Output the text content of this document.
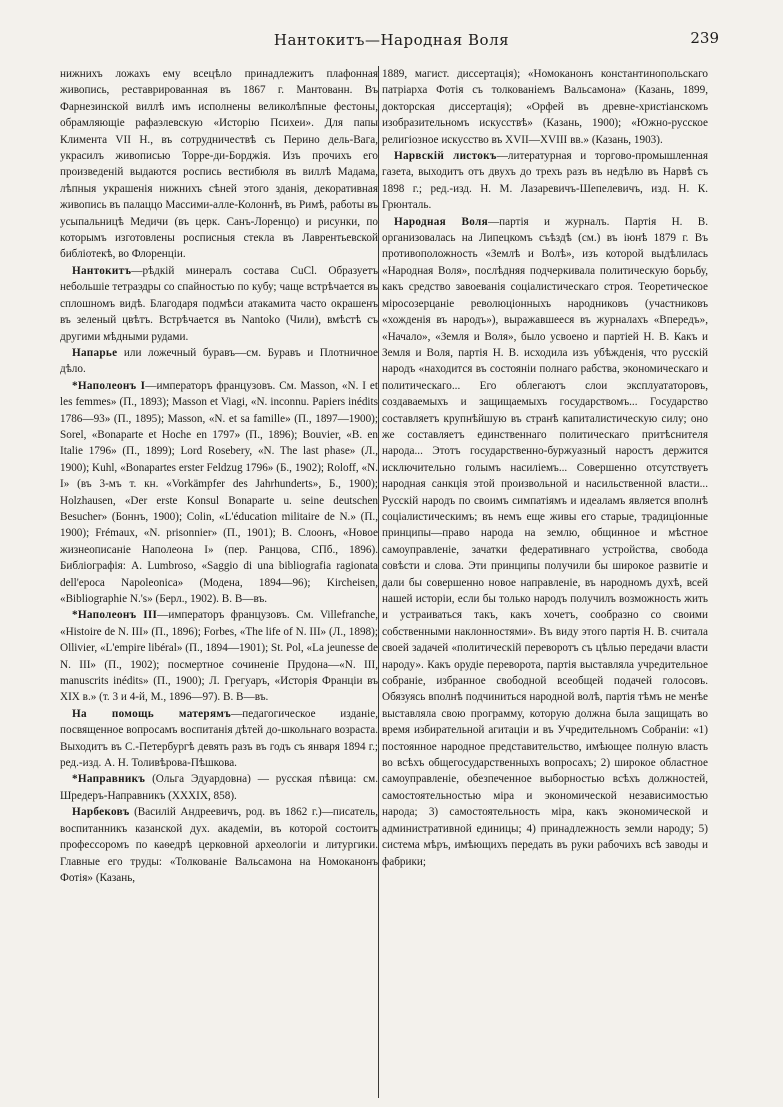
Нантокитъ—Народная Воля	239

нижнихъ ложахъ ему всецѣло принадлежитъ плафонная живопись, реставрированная въ 1867 г. Мантованн. Въ Фарнезинской виллѣ имъ исполнены великолѣпные фестоны, обрамляющіе рафаэлевскую «Исторію Психеи». Для папы Климента VII Н., въ сотрудничествѣ съ Перино дель-Вага, украсилъ живописью Торре-ди-Борджія. Изъ прочихъ его произведеній выдаются роспись вестибюля въ виллѣ Мадама, лѣпныя украшенія нижнихъ сѣней этого зданія, декоративная живопись въ палаццо Массими-алле-Колоннѣ, въ Римѣ, работы въ усыпальницѣ Медичи (въ церк. Санъ-Лоренцо) и рисунки, по которымъ изготовлены росписныя стекла въ Лаврентьевской библіотекѣ, во Флоренціи.

Нантокитъ—рѣдкій минералъ состава CuCl. Образуетъ небольшіе тетраэдры со спайностью по кубу; чаще встрѣчается въ сплошномъ видѣ. Благодаря подмѣси атакамита часто окрашенъ въ зеленый цвѣтъ. Встрѣчается въ Nantoko (Чили), вмѣстѣ съ другими мѣдными рудами.

Напарье или ложечный буравъ—см. Буравъ и Плотничное дѣло.

*Наполеонъ I—императоръ французовъ. См. Masson, «N. I et les femmes» (П., 1893); Masson et Viagi, «N. inconnu. Papiers inédits 1786—93» (П., 1895); Masson, «N. et sa famille» (П., 1897—1900); Sorel, «Bonaparte et Hoche en 1797» (П., 1896); Bouvier, «B. en Italie 1796» (П., 1899); Lord Rosebery, «N. The last phase» (Л., 1900); Kuhl, «Bonapartes erster Feldzug 1796» (Б., 1902); Roloff, «N. I» (въ 3-мъ т. кн. «Vorkämpfer des Jahrhunderts», Б., 1900); Holzhausen, «Der erste Konsul Bonaparte u. seine deutschen Besucher» (Боннъ, 1900); Colin, «L'éducation militaire de N.» (П., 1900); Frémaux, «N. prisonnier» (П., 1901); В. Слоонъ, «Новое жизнеописаніе Наполеона I» (пер. Ранцова, СПб., 1896). Библіографія: A. Lumbroso, «Saggio di una bibliografia ragionata dell'epoca Napoleonica» (Модена, 1894—96); Kircheisen, «Bibliographie N.'s» (Берл., 1902). В. В—въ.

*Наполеонъ III—императоръ французовъ. См. Villefranche, «Histoire de N. III» (П., 1896); Forbes, «The life of N. III» (Л., 1898); Ollivier, «L'empire libéral» (П., 1894—1901); St. Pol, «La jeunesse de N. III» (П., 1902); посмертное сочиненіе Прудона—«N. III, manuscrits inédits» (П., 1900); Л. Грегуаръ, «Исторія Франціи въ XIX в.» (т. 3 и 4-й, М., 1896—97). В. В—въ.

На помощь матерямъ—педагогическое изданіе, посвященное вопросамъ воспитанія дѣтей до-школьнаго возраста. Выходитъ въ С.-Петербургѣ девять разъ въ годъ съ января 1894 г.; ред.-изд. А. Н. Толивѣрова-Пѣшкова.

*Направникъ (Ольга Эдуардовна) — русская пѣвица: см. Шредеръ-Направникъ (XXXIX, 858).

Нарбековъ (Василій Андреевичъ, род. въ 1862 г.)—писатель, воспитанникъ казанской дух. академіи, въ которой состоитъ профессоромъ по каѳедрѣ церковной археологіи и литургики. Главные его труды: «Толкованіе Вальсамона на Номоканонъ Фотія» (Казань,

1889, магист. диссертація); «Номоканонъ константинопольскаго патріарха Фотія съ толкованіемъ Вальсамона» (Казань, 1899, докторская диссертація); «Орфей въ древне-христіанскомъ изобразительномъ искусствѣ» (Казань, 1900); «Южно-русское религіозное искусство въ XVII—XVIII вв.» (Казань, 1903).

Нарвскій листокъ—литературная и торгово-промышленная газета, выходитъ отъ двухъ до трехъ разъ въ недѣлю въ Нарвѣ съ 1898 г.; ред.-изд. Н. М. Лазаревичъ-Шепелевичъ, изд. Н. К. Грюнталь.

Народная Воля—партія и журналъ. Партія Н. В. организовалась на Липецкомъ съѣздѣ (см.) въ іюнѣ 1879 г. Въ противоположность «Землѣ и Волѣ», изъ которой выдѣлилась «Народная Воля», послѣдняя подчеркивала политическую борьбу, какъ средство завоеванія соціалистическаго строя. Теоретическое міросозерцаніе революціонныхъ народниковъ (участниковъ «хожденія въ народъ»), выражавшееся въ журналахъ «Впередъ», «Начало», «Земля и Воля», было усвоено и партіей Н. В. Какъ и Земля и Воля, партія Н. В. исходила изъ убѣжденія, что русскій народъ «находится въ состояніи полнаго рабства, экономическаго и политическаго... Его облегаютъ слои эксплуататоровъ, создаваемыхъ и защищаемыхъ государствомъ... Государство составляетъ крупнѣйшую въ странѣ капиталистическую силу; оно же составляетъ единственнаго политическаго притѣснителя народа... Этотъ государственно-буржуазный наростъ держится исключительно голымъ насиліемъ... Совершенно отсутствуетъ народная санкція этой произвольной и насильственной власти... Русскій народъ по своимъ симпатіямъ и идеаламъ является вполнѣ соціалистическимъ; въ немъ еще живы его старые, традиціонные принципы—право народа на землю, общинное и мѣстное самоуправленіе, зачатки федеративнаго устройства, свобода совѣсти и слова. Эти принципы получили бы широкое развитіе и дали бы совершенно новое направленіе, въ народномъ духѣ, всей нашей исторіи, если бы только народъ получилъ возможность жить и устраиваться такъ, какъ хочетъ, сообразно со своими собственными наклонностями». Въ виду этого партія Н. В. считала своей задачей «политическій переворотъ съ цѣлью передачи власти народу». Какъ орудіе переворота, партія выставляла учредительное собраніе, избранное свободной всеобщей подачей голосовъ. Обязуясь вполнѣ подчиниться народной волѣ, партія тѣмъ не менѣе выставляла свою программу, которую должна была защищать во время избирательной агитаціи и въ Учредительномъ Собраніи: «1) постоянное народное представительство, имѣющее полную власть во всѣхъ общегосударственныхъ вопросахъ; 2) широкое областное самоуправленіе, обезпеченное выборностью всѣхъ должностей, самостоятельностью міра и экономической независимостью народа; 3) самостоятельность міра, какъ экономической и административной единицы; 4) принадлежность земли народу; 5) система мѣръ, имѣющихъ передать въ руки рабочихъ всѣ заводы и фабрики;
